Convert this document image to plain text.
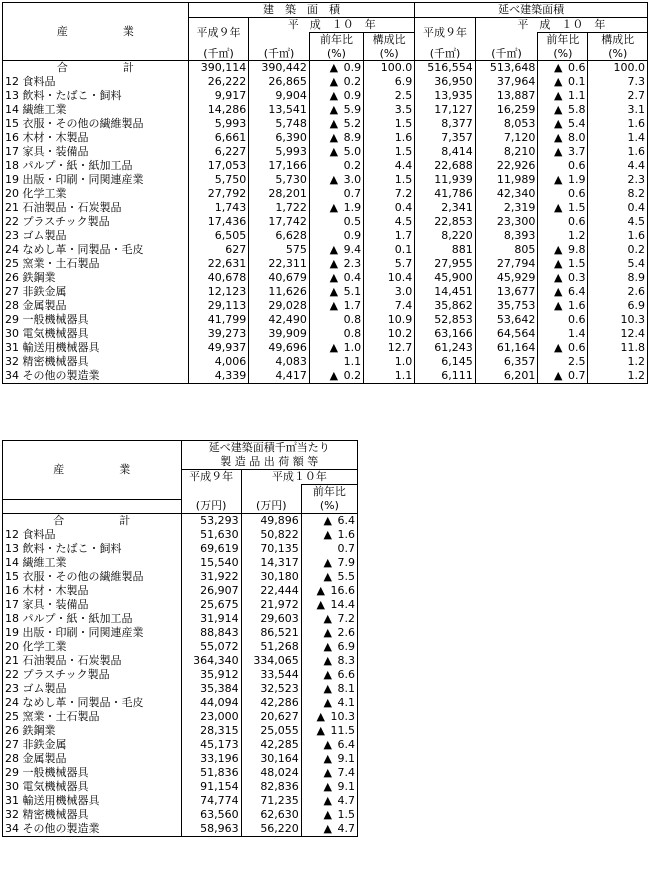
産　　　　　業	建　築　面　積				延べ建築面積			
	平成９年	平　成　１０　年			平成９年	平　成　１０　年		
			前年比	構成比			前年比	構成比
	(千㎡)	(千㎡)	(%)	(%)	(千㎡)	(千㎡)	(%)	(%)
合　　　　　計	390,114	390,442	▲ 0.9	100.0	516,554	513,648	▲ 0.6	100.0
12 食料品	26,222	26,865	▲ 0.2	6.9	36,950	37,964	▲ 0.1	7.3
13 飲料・たばこ・飼料	9,917	9,904	▲ 0.9	2.5	13,935	13,887	▲ 1.1	2.7
14 繊維工業	14,286	13,541	▲ 5.9	3.5	17,127	16,259	▲ 5.8	3.1
15 衣服・その他の繊維製品	5,993	5,748	▲ 5.2	1.5	8,377	8,053	▲ 5.4	1.6
16 木材・木製品	6,661	6,390	▲ 8.9	1.6	7,357	7,120	▲ 8.0	1.4
17 家具・装備品	6,227	5,993	▲ 5.0	1.5	8,414	8,210	▲ 3.7	1.6
18 パルプ・紙・紙加工品	17,053	17,166	0.2	4.4	22,688	22,926	0.6	4.4
19 出版・印刷・同関連産業	5,750	5,730	▲ 3.0	1.5	11,939	11,989	▲ 1.9	2.3
20 化学工業	27,792	28,201	0.7	7.2	41,786	42,340	0.6	8.2
21 石油製品・石炭製品	1,743	1,722	▲ 1.9	0.4	2,341	2,319	▲ 1.5	0.4
22 プラスチック製品	17,436	17,742	0.5	4.5	22,853	23,300	0.6	4.5
23 ゴム製品	6,505	6,628	0.9	1.7	8,220	8,393	1.2	1.6
24 なめし革・同製品・毛皮	627	575	▲ 9.4	0.1	881	805	▲ 9.8	0.2
25 窯業・土石製品	22,631	22,311	▲ 2.3	5.7	27,955	27,794	▲ 1.5	5.4
26 鉄鋼業	40,678	40,679	▲ 0.4	10.4	45,900	45,929	▲ 0.3	8.9
27 非鉄金属	12,123	11,626	▲ 5.1	3.0	14,451	13,677	▲ 6.4	2.6
28 金属製品	29,113	29,028	▲ 1.7	7.4	35,862	35,753	▲ 1.6	6.9
29 一般機械器具	41,799	42,490	0.8	10.9	52,853	53,642	0.6	10.3
30 電気機械器具	39,273	39,909	0.8	10.2	63,166	64,564	1.4	12.4
31 輸送用機械器具	49,937	49,696	▲ 1.0	12.7	61,243	61,164	▲ 0.6	11.8
32 精密機械器具	4,006	4,083	1.1	1.0	6,145	6,357	2.5	1.2
34 その他の製造業	4,339	4,417	▲ 0.2	1.1	6,111	6,201	▲ 0.7	1.2
産　　　　　業	延べ建築面積千㎡当たり		
	製 造 品 出 荷 額 等		
	平成９年	平成１０年	
			前年比
	(万円)	(万円)	(%)
合　　　　　計	53,293	49,896	▲ 6.4
12 食料品	51,630	50,822	▲ 1.6
13 飲料・たばこ・飼料	69,619	70,135	0.7
14 繊維工業	15,540	14,317	▲ 7.9
15 衣服・その他の繊維製品	31,922	30,180	▲ 5.5
16 木材・木製品	26,907	22,444	▲ 16.6
17 家具・装備品	25,675	21,972	▲ 14.4
18 パルプ・紙・紙加工品	31,914	29,603	▲ 7.2
19 出版・印刷・同関連産業	88,843	86,521	▲ 2.6
20 化学工業	55,072	51,268	▲ 6.9
21 石油製品・石炭製品	364,340	334,065	▲ 8.3
22 プラスチック製品	35,912	33,544	▲ 6.6
23 ゴム製品	35,384	32,523	▲ 8.1
24 なめし革・同製品・毛皮	44,094	42,286	▲ 4.1
25 窯業・土石製品	23,000	20,627	▲ 10.3
26 鉄鋼業	28,315	25,055	▲ 11.5
27 非鉄金属	45,173	42,285	▲ 6.4
28 金属製品	33,196	30,164	▲ 9.1
29 一般機械器具	51,836	48,024	▲ 7.4
30 電気機械器具	91,154	82,836	▲ 9.1
31 輸送用機械器具	74,774	71,235	▲ 4.7
32 精密機械器具	63,560	62,630	▲ 1.5
34 その他の製造業	58,963	56,220	▲ 4.7
